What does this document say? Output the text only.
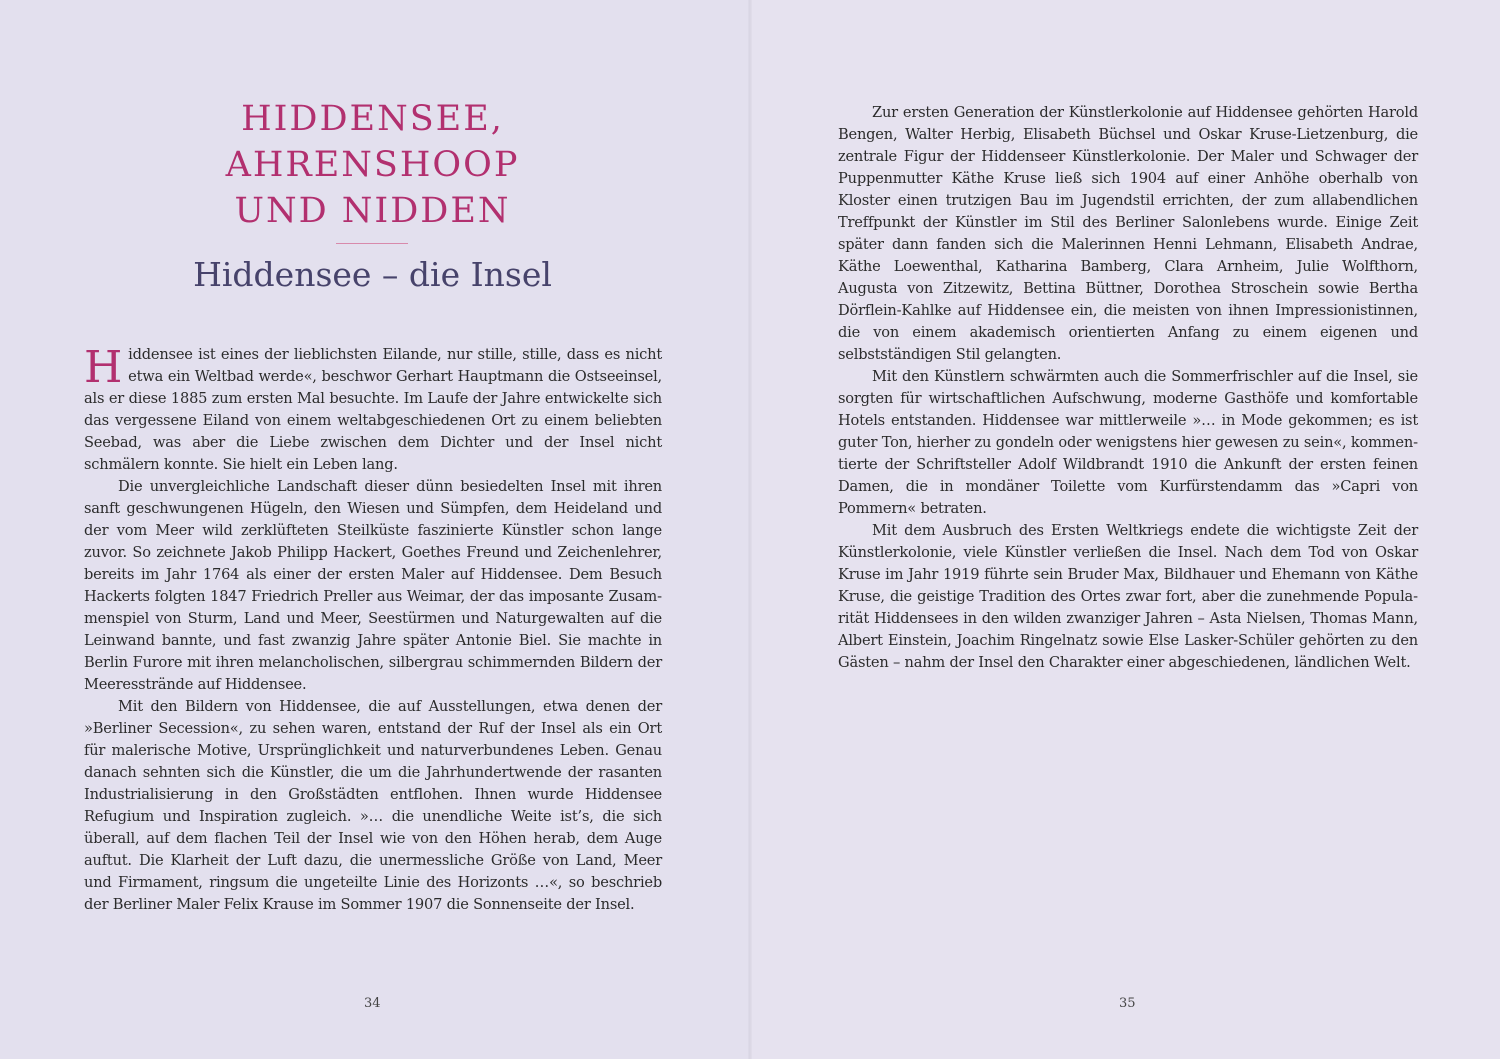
HIDDENSEE,
AHRENSHOOP
UND NIDDEN
Hiddensee – die Insel

Hiddensee ist eines der lieblichsten Eilande, nur stille, stille, dass es nicht etwa ein Weltbad werde«, beschwor Gerhart Hauptmann die Ostseeinsel, als er diese 1885 zum ersten Mal besuchte. Im Laufe der Jahre entwickelte sich das vergessene Eiland von einem weltabgeschiedenen Ort zu einem beliebten Seebad, was aber die Liebe zwischen dem Dichter und der Insel nicht schmälern konnte. Sie hielt ein Leben lang.

Die unvergleichliche Landschaft dieser dünn besiedelten Insel mit ihren sanft geschwungenen Hügeln, den Wiesen und Sümpfen, dem Heideland und der vom Meer wild zerklüfteten Steilküste faszinierte Künstler schon lange zuvor. So zeichnete Jakob Philipp Hackert, Goethes Freund und Zeichenlehrer, bereits im Jahr 1764 als einer der ersten Maler auf Hiddensee. Dem Besuch Hackerts folgten 1847 Friedrich Preller aus Weimar, der das imposante Zusammenspiel von Sturm, Land und Meer, Seestürmen und Naturgewalten auf die Leinwand bannte, und fast zwanzig Jahre später Antonie Biel. Sie machte in Berlin Furore mit ihren melancholischen, silbergrau schimmernden Bildern der Meeresstrände auf Hiddensee.

Mit den Bildern von Hiddensee, die auf Ausstellungen, etwa denen der »Berliner Secession«, zu sehen waren, entstand der Ruf der Insel als ein Ort für malerische Motive, Ursprünglichkeit und naturverbundenes Leben. Genau danach sehnten sich die Künstler, die um die Jahrhundertwende der rasanten Industrialisierung in den Großstädten entflohen. Ihnen wurde Hiddensee Refugium und Inspiration zugleich. »… die unendliche Weite ist’s, die sich überall, auf dem flachen Teil der Insel wie von den Höhen herab, dem Auge auftut. Die Klarheit der Luft dazu, die unermessliche Größe von Land, Meer und Firmament, ringsum die ungeteilte Linie des Horizonts …«, so beschrieb der Berliner Maler Felix Krause im Sommer 1907 die Sonnenseite der Insel.

Zur ersten Generation der Künstlerkolonie auf Hiddensee gehörten Harold Bengen, Walter Herbig, Elisabeth Büchsel und Oskar Kruse-Lietzenburg, die zentrale Figur der Hiddenseer Künstlerkolonie. Der Maler und Schwager der Puppenmutter Käthe Kruse ließ sich 1904 auf einer Anhöhe oberhalb von Kloster einen trutzigen Bau im Jugendstil errichten, der zum allabendlichen Treffpunkt der Künstler im Stil des Berliner Salonlebens wurde. Einige Zeit später dann fanden sich die Malerinnen Henni Lehmann, Elisabeth Andrae, Käthe Loewenthal, Katharina Bamberg, Clara Arnheim, Julie Wolfthorn, Augusta von Zitzewitz, Bettina Büttner, Dorothea Stroschein sowie Bertha Dörflein-Kahlke auf Hiddensee ein, die meisten von ihnen Impressionistinnen, die von einem akademisch orientierten Anfang zu einem eigenen und selbstständigen Stil gelangten.

Mit den Künstlern schwärmten auch die Sommerfrischler auf die Insel, sie sorgten für wirtschaftlichen Aufschwung, moderne Gasthöfe und komfortable Hotels entstanden. Hiddensee war mittlerweile »… in Mode gekommen; es ist guter Ton, hierher zu gondeln oder wenigstens hier gewesen zu sein«, kommentierte der Schriftsteller Adolf Wildbrandt 1910 die Ankunft der ersten feinen Damen, die in mondäner Toilette vom Kurfürstendamm das »Capri von Pommern« betraten.

Mit dem Ausbruch des Ersten Weltkriegs endete die wichtigste Zeit der Künstlerkolonie, viele Künstler verließen die Insel. Nach dem Tod von Oskar Kruse im Jahr 1919 führte sein Bruder Max, Bildhauer und Ehemann von Käthe Kruse, die geistige Tradition des Ortes zwar fort, aber die zunehmende Popularität Hiddensees in den wilden zwanziger Jahren – Asta Nielsen, Thomas Mann, Albert Einstein, Joachim Ringelnatz sowie Else Lasker-Schüler gehörten zu den Gästen – nahm der Insel den Charakter einer abgeschiedenen, ländlichen Welt.

34	35
